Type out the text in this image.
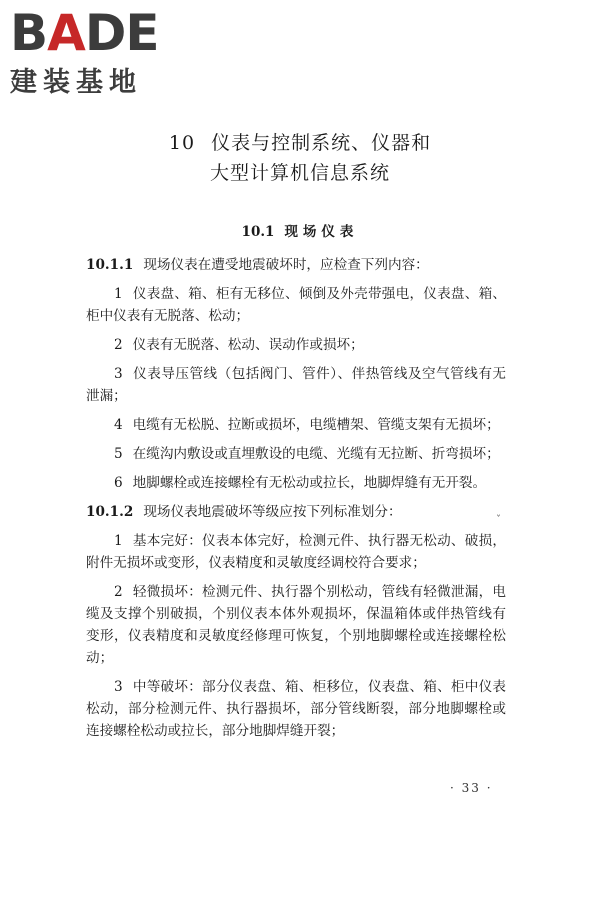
B A DE
建装基地
10 仪表与控制系统、仪器和
大型计算机信息系统
10.1 现场仪表
10.1.1 现场仪表在遭受地震破坏时，应检查下列内容：
1 仪表盘、箱、柜有无移位、倾倒及外壳带强电，仪表盘、箱、柜中仪表有无脱落、松动；
2 仪表有无脱落、松动、误动作或损坏；
3 仪表导压管线（包括阀门、管件）、伴热管线及空气管线有无泄漏；
4 电缆有无松脱、拉断或损坏，电缆槽架、管缆支架有无损坏；
5 在缆沟内敷设或直埋敷设的电缆、光缆有无拉断、折弯损坏；
6 地脚螺栓或连接螺栓有无松动或拉长，地脚焊缝有无开裂。
10.1.2 现场仪表地震破坏等级应按下列标准划分：
1 基本完好：仪表本体完好，检测元件、执行器无松动、破损，附件无损坏或变形，仪表精度和灵敏度经调校符合要求；
2 轻微损坏：检测元件、执行器个别松动，管线有轻微泄漏，电缆及支撑个别破损，个别仪表本体外观损坏，保温箱体或伴热管线有变形，仪表精度和灵敏度经修理可恢复，个别地脚螺栓或连接螺栓松动；
3 中等破坏：部分仪表盘、箱、柜移位，仪表盘、箱、柜中仪表松动，部分检测元件、执行器损坏，部分管线断裂，部分地脚螺栓或连接螺栓松动或拉长，部分地脚焊缝开裂；
ˇ
· 33 ·
